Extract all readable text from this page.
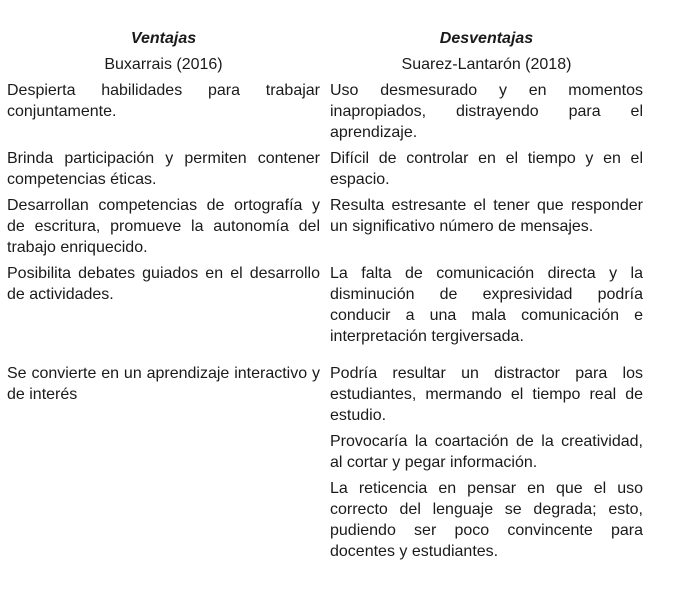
Ventajas	Desventajas
Buxarrais (2016)	Suarez-Lantarón (2018)
Despierta habilidades para trabajar conjuntamente.	Uso desmesurado y en momentos inapropiados, distrayendo para el aprendizaje.
Brinda participación y permiten contener competencias éticas.	Difícil de controlar en el tiempo y en el espacio.
Desarrollan competencias de ortografía y de escritura, promueve la autonomía del trabajo enriquecido.	Resulta estresante el tener que responder un significativo número de mensajes.
Posibilita debates guiados en el desarrollo de actividades.	La falta de comunicación directa y la disminución de expresividad podría conducir a una mala comunicación e interpretación tergiversada.
Se convierte en un aprendizaje interactivo y de interés	Podría resultar un distractor para los estudiantes, mermando el tiempo real de estudio.
	Provocaría la coartación de la creatividad, al cortar y pegar información.
	La reticencia en pensar en que el uso correcto del lenguaje se degrada; esto, pudiendo ser poco convincente para docentes y estudiantes.
